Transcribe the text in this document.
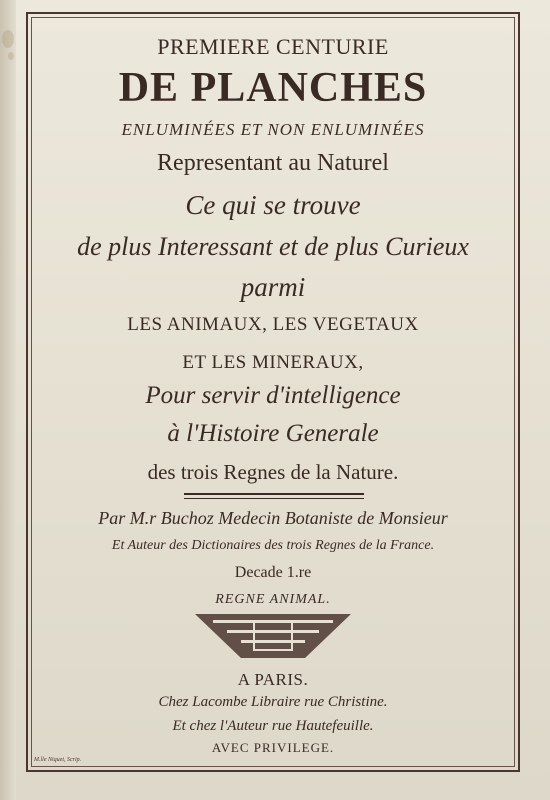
PREMIERE CENTURIE
DE PLANCHES
ENLUMINÉES ET NON ENLUMINÉES
Representant au Naturel
Ce qui se trouve
de plus Interessant et de plus Curieux
parmi
LES ANIMAUX, LES VEGETAUX
ET LES MINERAUX,
Pour servir d'intelligence
à l'Histoire Generale
des trois Regnes de la Nature.
Par M.r Buchoz Medecin Botaniste de Monsieur
Et Auteur des Dictionaires des trois Regnes de la France.
Decade 1.re
REGNE ANIMAL.
A PARIS.
Chez Lacombe Libraire rue Christine.
Et chez l'Auteur rue Hautefeuille.
AVEC PRIVILEGE.
M.lle Niquet, Scrip.
